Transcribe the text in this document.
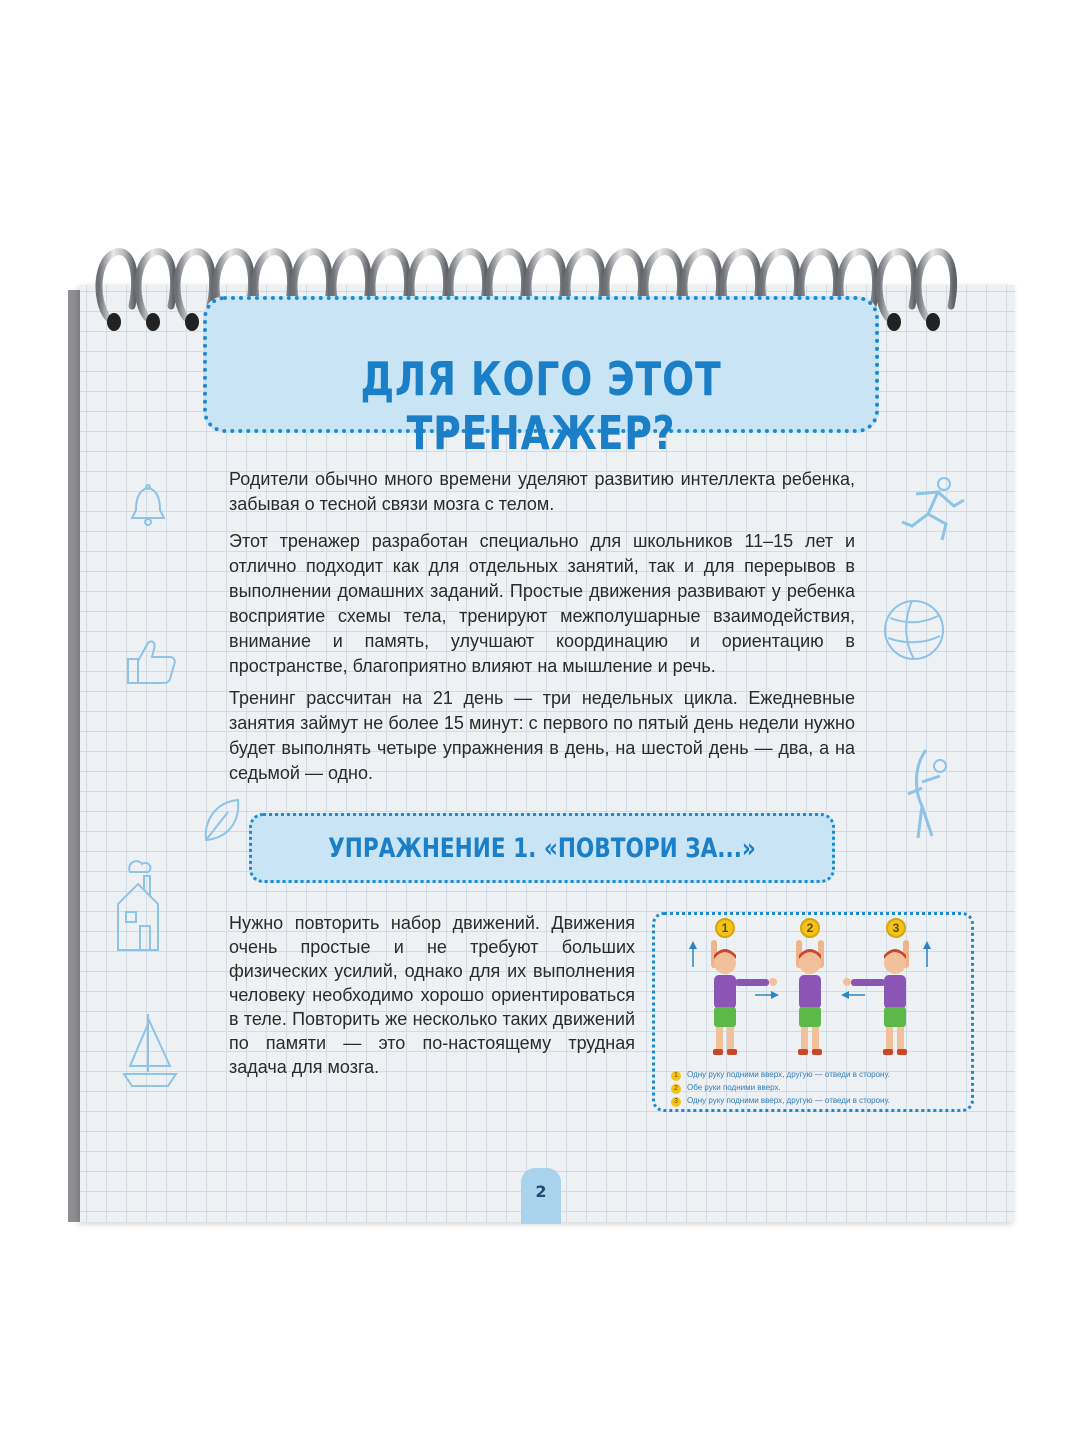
ДЛЯ КОГО ЭТОТ ТРЕНАЖЕР?
Родители обычно много времени уделяют развитию интеллекта ребенка, забывая о тесной связи мозга с телом.
Этот тренажер разработан специально для школьников 11–15 лет и отлично подходит как для отдельных занятий, так и для перерывов в выполнении домашних заданий. Простые движения развивают у ребенка восприятие схемы тела, тренируют межполушарные взаимодействия, внимание и память, улучшают координацию и ориентацию в пространстве, благоприятно влияют на мышление и речь.
Тренинг рассчитан на 21 день — три недельных цикла. Ежедневные занятия займут не более 15 минут: с первого по пятый день недели нужно будет выполнять четыре упражнения в день, на шестой день — два, а на седьмой — одно.
УПРАЖНЕНИЕ 1. «ПОВТОРИ ЗА...»
Нужно повторить набор движений. Движения очень простые и не требуют больших физических усилий, однако для их выполнения человеку необходимо хорошо ориентироваться в теле. Повторить же несколько таких движений по памяти — это по-настоящему трудная задача для мозга.
1	2	3
1 Одну руку подними вверх, другую — отведи в сторону.
2 Обе руки подними вверх.
3 Одну руку подними вверх, другую — отведи в сторону.
2
